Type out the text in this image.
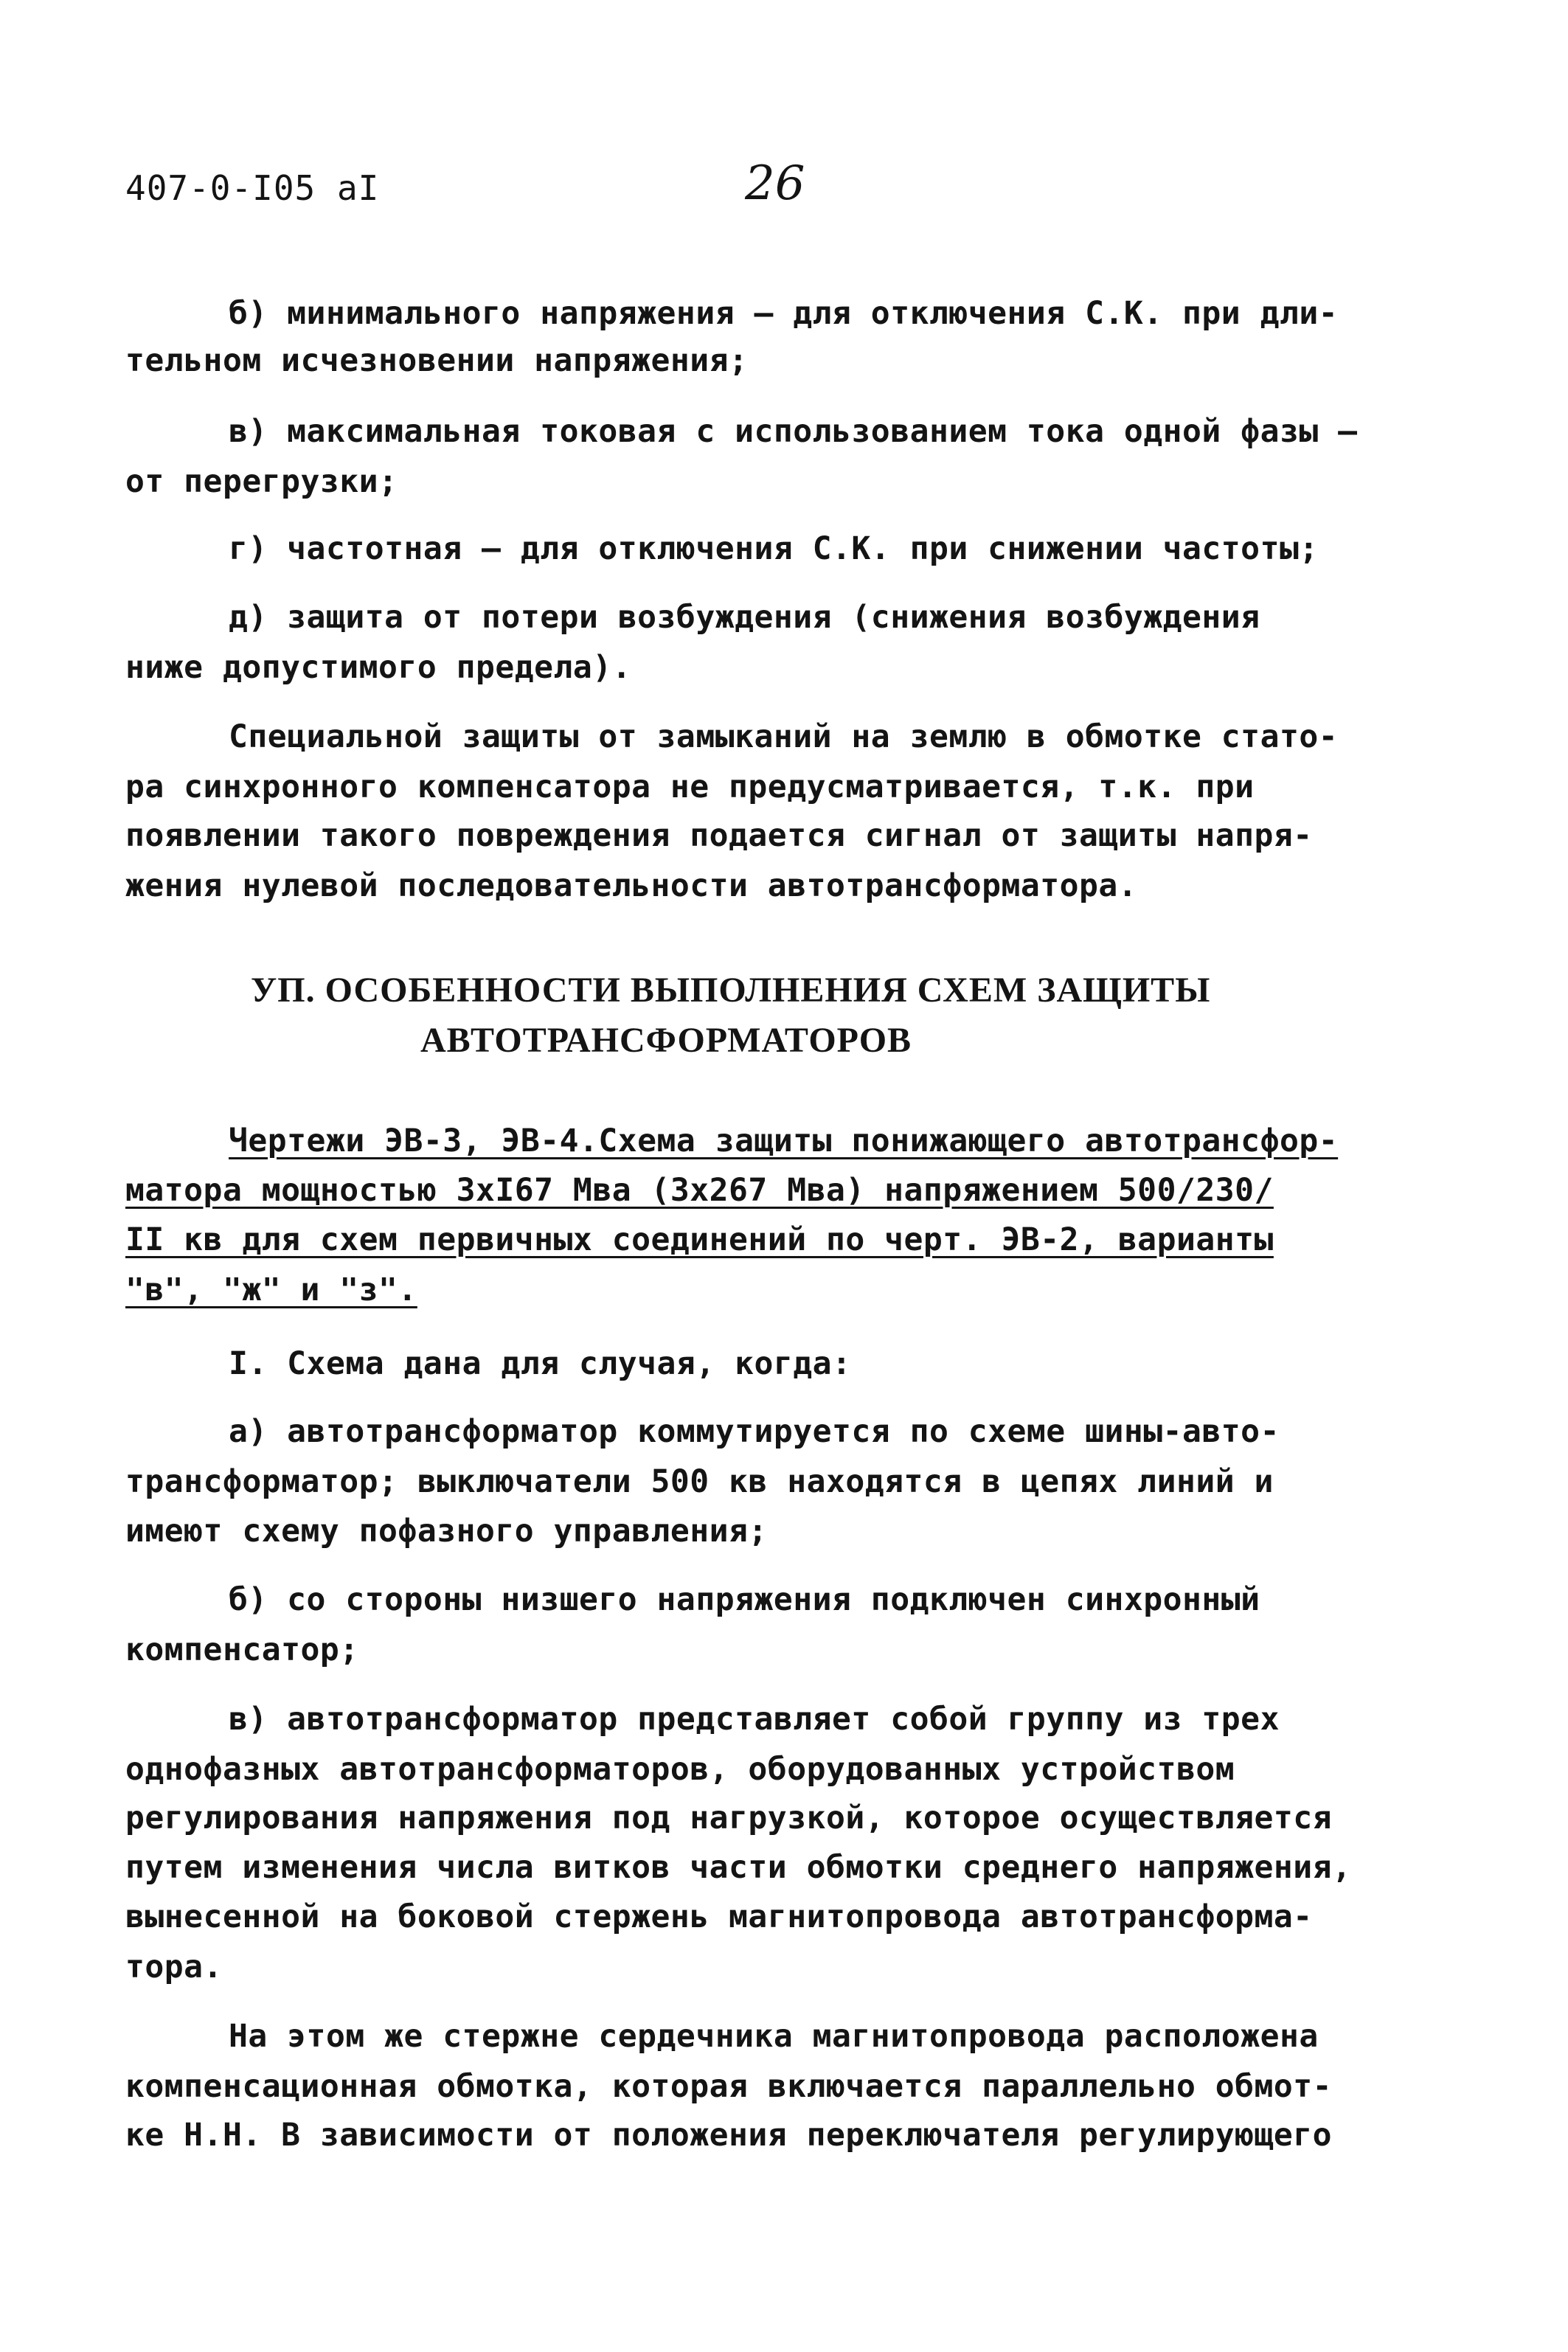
407-0-I05 aI	26
б) минимального напряжения – для отключения С.К. при дли-
тельном исчезновении напряжения;
в) максимальная токовая с использованием тока одной фазы –
от перегрузки;
г) частотная – для отключения С.К. при снижении частоты;
д) защита от потери возбуждения (снижения возбуждения
ниже допустимого предела).
Специальной защиты от замыканий на землю в обмотке стато-
ра синхронного компенсатора не предусматривается, т.к. при
появлении такого повреждения подается сигнал от защиты напря-
жения нулевой последовательности автотрансформатора.
УП. ОСОБЕННОСТИ ВЫПОЛНЕНИЯ СХЕМ ЗАЩИТЫ
АВТОТРАНСФОРМАТОРОВ
Чертежи ЭВ-3, ЭВ-4.Схема защиты понижающего автотрансфор-
матора мощностью 3хI67 Мва (3х267 Мва) напряжением 500/230/
II кв для схем первичных соединений по черт. ЭВ-2, варианты
"в", "ж" и "з".
I. Схема дана для случая, когда:
а) автотрансформатор коммутируется по схеме шины-авто-
трансформатор; выключатели 500 кв находятся в цепях линий и
имеют схему пофазного управления;
б) со стороны низшего напряжения подключен синхронный
компенсатор;
в) автотрансформатор представляет собой группу из трех
однофазных автотрансформаторов, оборудованных устройством
регулирования напряжения под нагрузкой, которое осуществляется
путем изменения числа витков части обмотки среднего напряжения,
вынесенной на боковой стержень магнитопровода автотрансформа-
тора.
На этом же стержне сердечника магнитопровода расположена
компенсационная обмотка, которая включается параллельно обмот-
ке Н.Н. В зависимости от положения переключателя регулирующего
